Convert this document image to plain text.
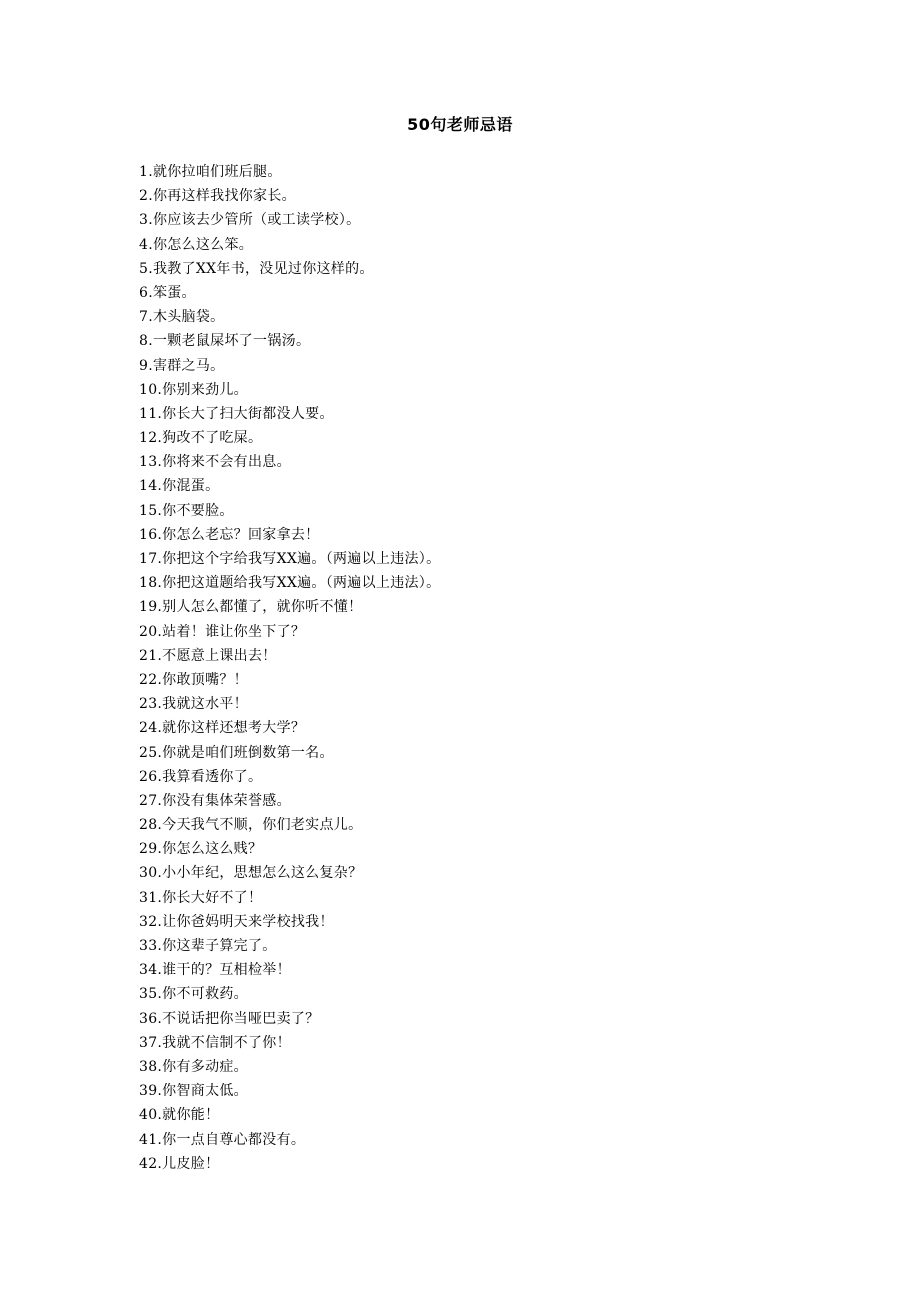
50句老师忌语
1.就你拉咱们班后腿。
2.你再这样我找你家长。
3.你应该去少管所（或工读学校）。
4.你怎么这么笨。
5.我教了XX年书，没见过你这样的。
6.笨蛋。
7.木头脑袋。
8.一颗老鼠屎坏了一锅汤。
9.害群之马。
10.你别来劲儿。
11.你长大了扫大街都没人要。
12.狗改不了吃屎。
13.你将来不会有出息。
14.你混蛋。
15.你不要脸。
16.你怎么老忘？回家拿去！
17.你把这个字给我写XX遍。（两遍以上违法）。
18.你把这道题给我写XX遍。（两遍以上违法）。
19.别人怎么都懂了，就你听不懂！
20.站着！谁让你坐下了？
21.不愿意上课出去！
22.你敢顶嘴？！
23.我就这水平！
24.就你这样还想考大学？
25.你就是咱们班倒数第一名。
26.我算看透你了。
27.你没有集体荣誉感。
28.今天我气不顺，你们老实点儿。
29.你怎么这么贱？
30.小小年纪，思想怎么这么复杂？
31.你长大好不了！
32.让你爸妈明天来学校找我！
33.你这辈子算完了。
34.谁干的？互相检举！
35.你不可救药。
36.不说话把你当哑巴卖了？
37.我就不信制不了你！
38.你有多动症。
39.你智商太低。
40.就你能！
41.你一点自尊心都没有。
42.儿皮脸！
